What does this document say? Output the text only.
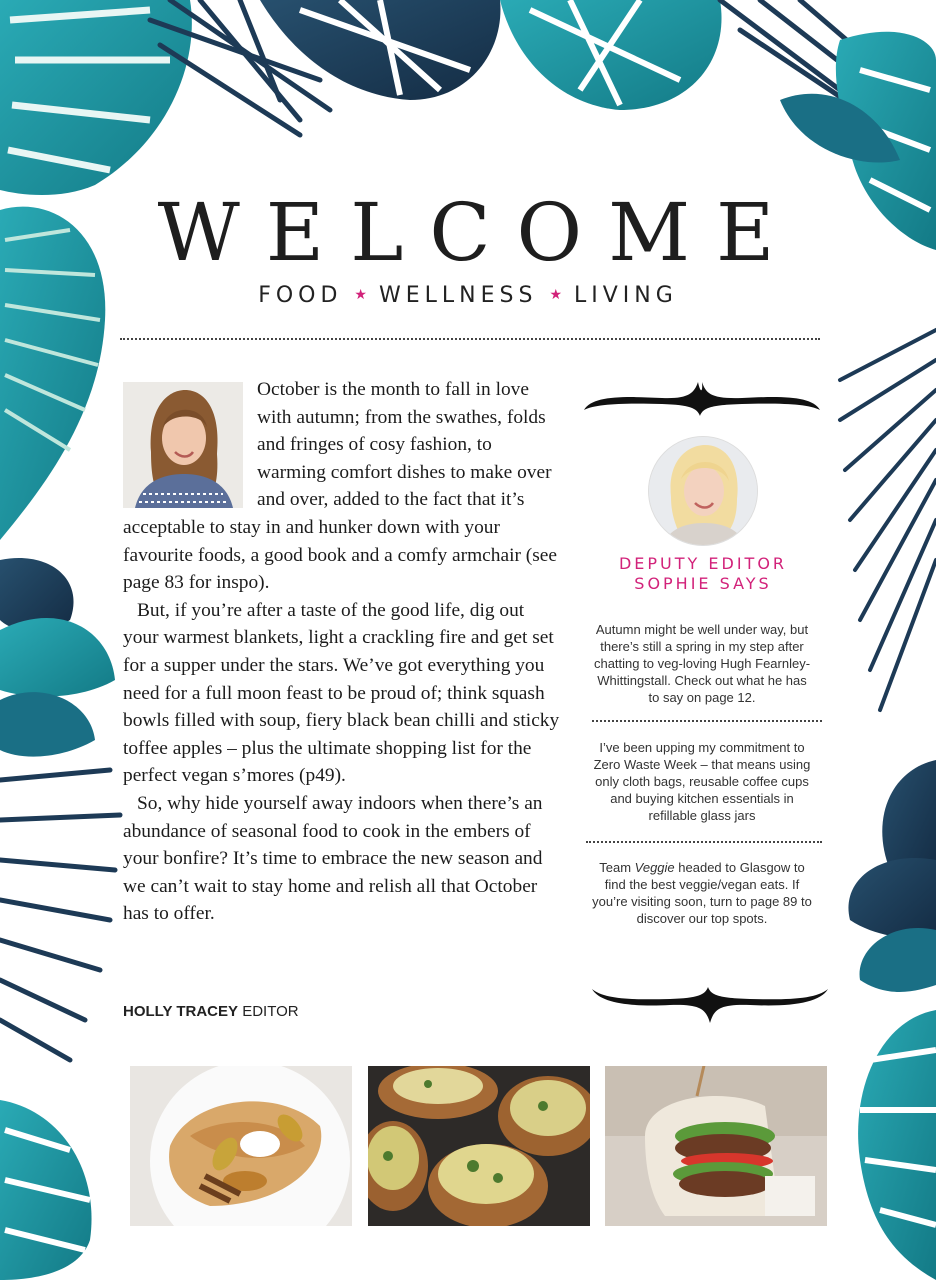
WELCOME
FOOD ★ WELLNESS ★ LIVING

October is the month to fall in love with autumn; from the swathes, folds and fringes of cosy fashion, to warming comfort dishes to make over and over, added to the fact that it’s acceptable to stay in and hunker down with your favourite foods, a good book and a comfy armchair (see page 83 for inspo).

But, if you’re after a taste of the good life, dig out your warmest blankets, light a crackling fire and get set for a supper under the stars. We’ve got everything you need for a full moon feast to be proud of; think squash bowls filled with soup, fiery black bean chilli and sticky toffee apples – plus the ultimate shopping list for the perfect vegan s’mores (p49).

So, why hide yourself away indoors when there’s an abundance of seasonal food to cook in the embers of your bonfire? It’s time to embrace the new season and we can’t wait to stay home and relish all that October has to offer.

HOLLY TRACEY EDITOR
DEPUTY EDITOR
SOPHIE SAYS
Autumn might be well under way, but there’s still a spring in my step after chatting to veg-loving Hugh Fearnley-Whittingstall. Check out what he has to say on page 12.
I’ve been upping my commitment to Zero Waste Week – that means using only cloth bags, reusable coffee cups and buying kitchen essentials in refillable glass jars
Team Veggie headed to Glasgow to find the best veggie/vegan eats. If you’re visiting soon, turn to page 89 to discover our top spots.
